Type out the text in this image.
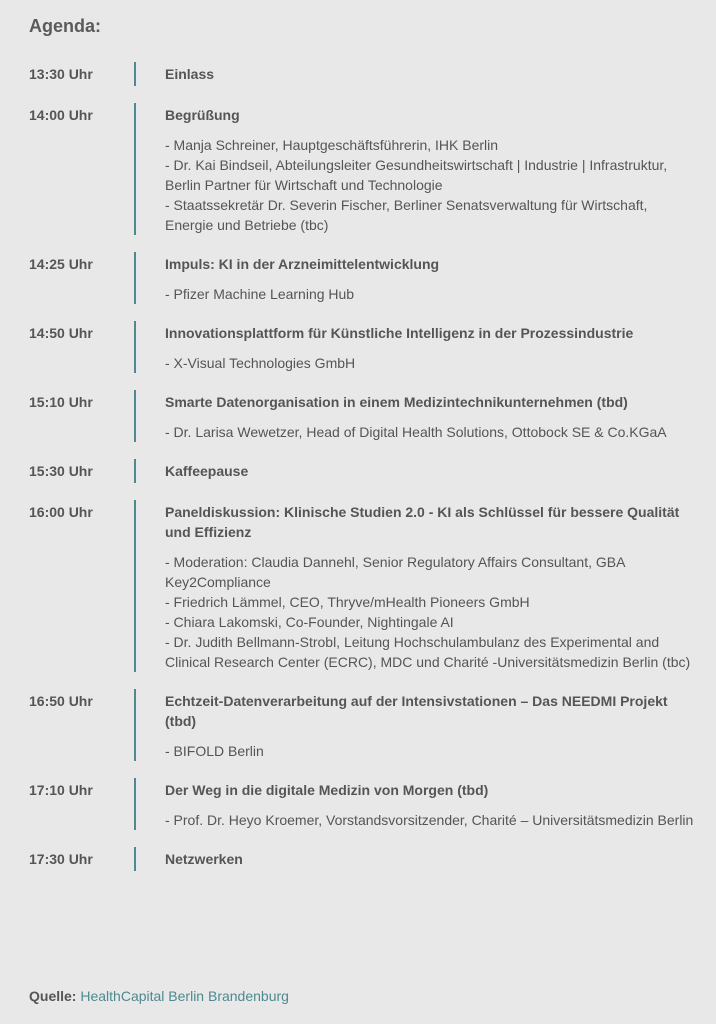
Agenda:
13:30 Uhr	Einlass
14:00 Uhr	Begrüßung
- Manja Schreiner, Hauptgeschäftsführerin, IHK Berlin
- Dr. Kai Bindseil, Abteilungsleiter Gesundheitswirtschaft | Industrie | Infrastruktur, Berlin Partner für Wirtschaft und Technologie
- Staatssekretär Dr. Severin Fischer, Berliner Senatsverwaltung für Wirtschaft, Energie und Betriebe (tbc)
14:25 Uhr	Impuls: KI in der Arzneimittelentwicklung
- Pfizer Machine Learning Hub
14:50 Uhr	Innovationsplattform für Künstliche Intelligenz in der Prozessindustrie
- X-Visual Technologies GmbH
15:10 Uhr	Smarte Datenorganisation in einem Medizintechnikunternehmen (tbd)
- Dr. Larisa Wewetzer, Head of Digital Health Solutions, Ottobock SE & Co.KGaA
15:30 Uhr	Kaffeepause
16:00 Uhr	Paneldiskussion: Klinische Studien 2.0 - KI als Schlüssel für bessere Qualität und Effizienz
- Moderation: Claudia Dannehl, Senior Regulatory Affairs Consultant, GBA Key2Compliance
- Friedrich Lämmel, CEO, Thryve/mHealth Pioneers GmbH
- Chiara Lakomski, Co-Founder, Nightingale AI
- Dr. Judith Bellmann-Strobl, Leitung Hochschulambulanz des Experimental and Clinical Research Center (ECRC), MDC und Charité -Universitätsmedizin Berlin (tbc)
16:50 Uhr	Echtzeit-Datenverarbeitung auf der Intensivstationen – Das NEEDMI Projekt (tbd)
- BIFOLD Berlin
17:10 Uhr	Der Weg in die digitale Medizin von Morgen (tbd)
- Prof. Dr. Heyo Kroemer, Vorstandsvorsitzender, Charité – Universitätsmedizin Berlin
17:30 Uhr	Netzwerken
Quelle: HealthCapital Berlin Brandenburg
